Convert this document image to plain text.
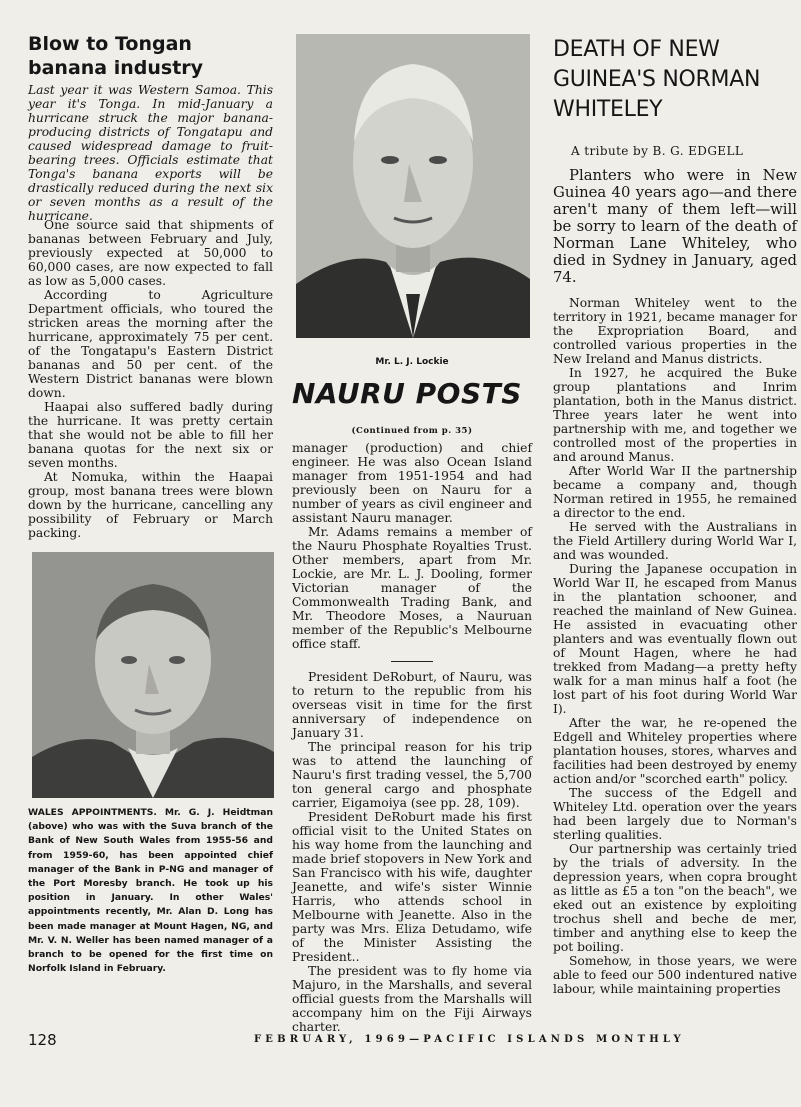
Blow to Tongan banana industry

Last year it was Western Samoa. This year it's Tonga. In mid-January a hurricane struck the major banana-producing districts of Tongatapu and caused widespread damage to fruit-bearing trees. Officials estimate that Tonga's banana exports will be drastically reduced during the next six or seven months as a result of the hurricane.

One source said that shipments of bananas between February and July, previously expected at 50,000 to 60,000 cases, are now expected to fall as low as 5,000 cases.

According to Agriculture Department officials, who toured the stricken areas the morning after the hurricane, approximately 75 per cent. of the Tongatapu's Eastern District bananas and 50 per cent. of the Western District bananas were blown down.

Haapai also suffered badly during the hurricane. It was pretty certain that she would not be able to fill her banana quotas for the next six or seven months.

At Nomuka, within the Haapai group, most banana trees were blown down by the hurricane, cancelling any possibility of February or March packing.

WALES APPOINTMENTS. Mr. G. J. Heidtman (above) who was with the Suva branch of the Bank of New South Wales from 1955-56 and from 1959-60, has been appointed chief manager of the Bank in P-NG and manager of the Port Moresby branch. He took up his position in January. In other Wales' appointments recently, Mr. Alan D. Long has been made manager at Mount Hagen, NG, and Mr. V. N. Weller has been named manager of a branch to be opened for the first time on Norfolk Island in February.

Mr. L. J. Lockie

NAURU POSTS

(Continued from p. 35)

manager (production) and chief engineer. He was also Ocean Island manager from 1951-1954 and had previously been on Nauru for a number of years as civil engineer and assistant Nauru manager.

Mr. Adams remains a member of the Nauru Phosphate Royalties Trust. Other members, apart from Mr. Lockie, are Mr. L. J. Dooling, former Victorian manager of the Commonwealth Trading Bank, and Mr. Theodore Moses, a Nauruan member of the Republic's Melbourne office staff.

President DeRoburt, of Nauru, was to return to the republic from his overseas visit in time for the first anniversary of independence on January 31.

The principal reason for his trip was to attend the launching of Nauru's first trading vessel, the 5,700 ton general cargo and phosphate carrier, Eigamoiya (see pp. 28, 109).

President DeRoburt made his first official visit to the United States on his way home from the launching and made brief stopovers in New York and San Francisco with his wife, daughter Jeanette, and wife's sister Winnie Harris, who attends school in Melbourne with Jeanette. Also in the party was Mrs. Eliza Detudamo, wife of the Minister Assisting the President..

The president was to fly home via Majuro, in the Marshalls, and several official guests from the Marshalls will accompany him on the Fiji Airways charter.

DEATH OF NEW GUINEA'S NORMAN WHITELEY

A tribute by B. G. EDGELL

Planters who were in New Guinea 40 years ago—and there aren't many of them left—will be sorry to learn of the death of Norman Lane Whiteley, who died in Sydney in January, aged 74.

Norman Whiteley went to the territory in 1921, became manager for the Expropriation Board, and controlled various properties in the New Ireland and Manus districts.

In 1927, he acquired the Buke group plantations and Inrim plantation, both in the Manus district. Three years later he went into partnership with me, and together we controlled most of the properties in and around Manus.

After World War II the partnership became a company and, though Norman retired in 1955, he remained a director to the end.

He served with the Australians in the Field Artillery during World War I, and was wounded.

During the Japanese occupation in World War II, he escaped from Manus in the plantation schooner, and reached the mainland of New Guinea. He assisted in evacuating other planters and was eventually flown out of Mount Hagen, where he had trekked from Madang—a pretty hefty walk for a man minus half a foot (he lost part of his foot during World War I).

After the war, he re-opened the Edgell and Whiteley properties where plantation houses, stores, wharves and facilities had been destroyed by enemy action and/or "scorched earth" policy.

The success of the Edgell and Whiteley Ltd. operation over the years had been largely due to Norman's sterling qualities.

Our partnership was certainly tried by the trials of adversity. In the depression years, when copra brought as little as £5 a ton "on the beach", we eked out an existence by exploiting trochus shell and beche de mer, timber and anything else to keep the pot boiling.

Somehow, in those years, we were able to feed our 500 indentured native labour, while maintaining properties

128	FEBRUARY, 1969—PACIFIC ISLANDS MONTHLY
